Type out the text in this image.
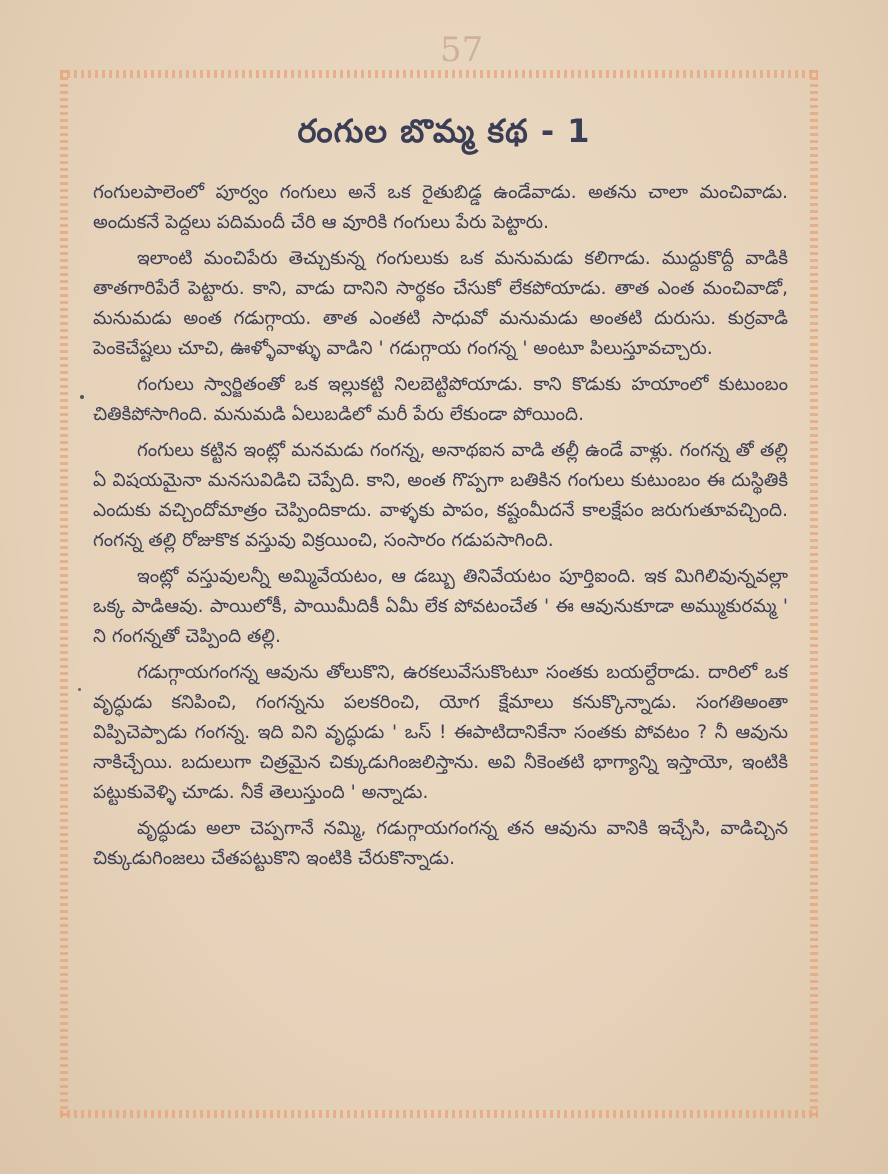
57
రంగుల బొమ్మ కథ - 1

గంగులపాలెంలో పూర్వం గంగులు అనే ఒక రైతుబిడ్డ ఉండేవాడు. అతను చాలా మంచివాడు. అందుకనే పెద్దలు పదిమందీ చేరి ఆ వూరికి గంగులు పేరు పెట్టారు.

ఇలాంటి మంచిపేరు తెచ్చుకున్న గంగులుకు ఒక మనుమడు కలిగాడు. ముద్దుకొద్దీ వాడికి తాతగారిపేరే పెట్టారు. కాని, వాడు దానిని సార్థకం చేసుకో లేకపోయాడు. తాత ఎంత మంచివాడో, మనుమడు అంత గడుగ్గాయ. తాత ఎంతటి సాధువో మనుమడు అంతటి దురుసు. కుర్రవాడి పెంకెచేష్టలు చూచి, ఊళ్ళోవాళ్ళు వాడిని ' గడుగ్గాయ గంగన్న ' అంటూ పిలుస్తూవచ్చారు.

గంగులు స్వార్జితంతో ఒక ఇల్లుకట్టి నిలబెట్టిపోయాడు. కాని కొడుకు హయాంలో కుటుంబం చితికిపోసాగింది. మనుమడి ఏలుబడిలో మరీ పేరు లేకుండా పోయింది.

గంగులు కట్టిన ఇంట్లో మనమడు గంగన్న, అనాథఐన వాడి తల్లీ ఉండే వాళ్లు. గంగన్న తో తల్లి ఏ విషయమైనా మనసువిడిచి చెప్పేది. కాని, అంత గొప్పగా బతికిన గంగులు కుటుంబం ఈ దుస్థితికి ఎందుకు వచ్చిందోమాత్రం చెప్పిందికాదు. వాళ్ళకు పాపం, కష్టంమీదనే కాలక్షేపం జరుగుతూవచ్చింది. గంగన్న తల్లి రోజుకొక వస్తువు విక్రయించి, సంసారం గడుపసాగింది.

ఇంట్లో వస్తువులన్నీ అమ్మివేయటం, ఆ డబ్బు తినివేయటం పూర్తిఐంది. ఇక మిగిలివున్నవల్లా ఒక్క పాడిఆవు. పాయిలోకీ, పాయిమీదికీ ఏమీ లేక పోవటంచేత ' ఈ ఆవునుకూడా అమ్ముకురమ్మ ' ని గంగన్నతో చెప్పింది తల్లి.

గడుగ్గాయగంగన్న ఆవును తోలుకొని, ఉరకలువేసుకొంటూ సంతకు బయల్దేరాడు. దారిలో ఒక వృద్ధుడు కనిపించి, గంగన్నను పలకరించి, యోగ క్షేమాలు కనుక్కొన్నాడు. సంగతిఅంతా విప్పిచెప్పాడు గంగన్న. ఇది విని వృద్ధుడు ' ఒస్ ! ఈపాటిదానికేనా సంతకు పోవటం ? నీ ఆవును నాకిచ్చేయి. బదులుగా చిత్రమైన చిక్కుడుగింజలిస్తాను. అవి నీకెంతటి భాగ్యాన్ని ఇస్తాయో, ఇంటికి పట్టుకువెళ్ళి చూడు. నీకే తెలుస్తుంది ' అన్నాడు.

వృద్ధుడు అలా చెప్పగానే నమ్మి, గడుగ్గాయగంగన్న తన ఆవును వానికి ఇచ్చేసి, వాడిచ్చిన చిక్కుడుగింజలు చేతపట్టుకొని ఇంటికి చేరుకొన్నాడు.
